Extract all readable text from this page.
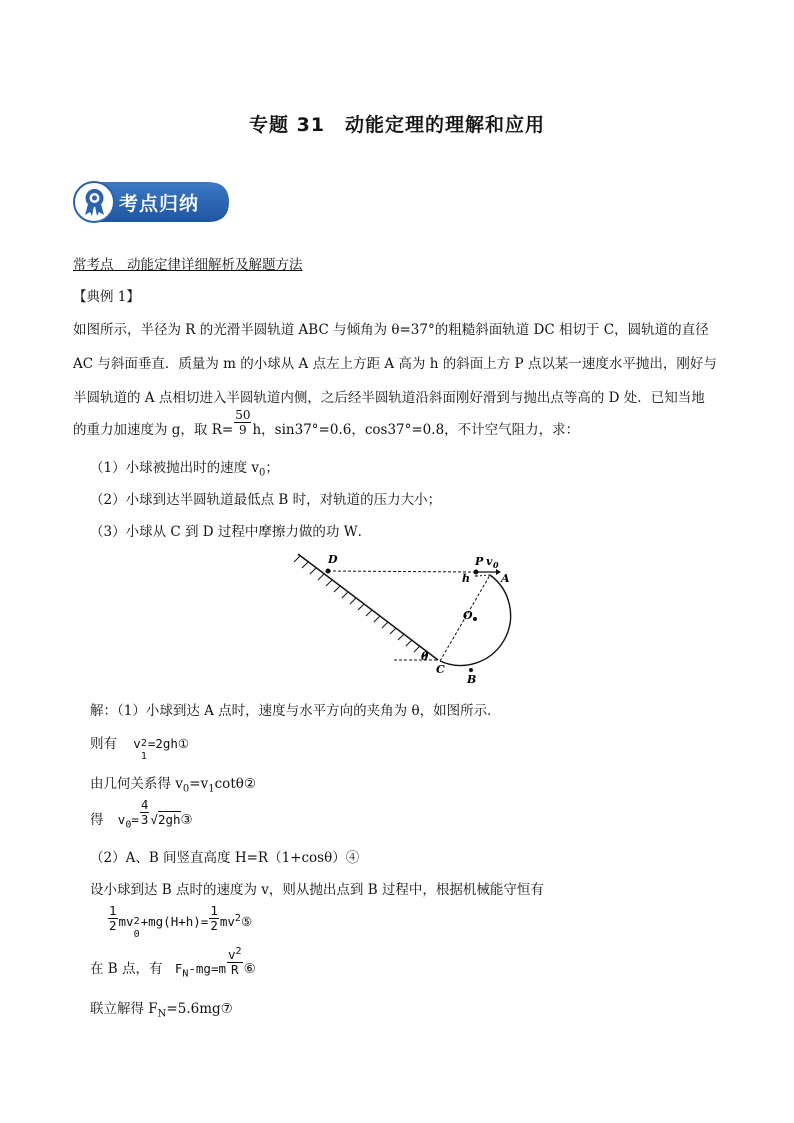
专题 31　动能定理的理解和应用
考点归纳
常考点　动能定律详细解析及解题方法
【典例 1】
如图所示，半径为 R 的光滑半圆轨道 ABC 与倾角为 θ=37°的粗糙斜面轨道 DC 相切于 C，圆轨道的直径
AC 与斜面垂直．质量为 m 的小球从 A 点左上方距 A 高为 h 的斜面上方 P 点以某一速度水平抛出，刚好与
半圆轨道的 A 点相切进入半圆轨道内侧，之后经半圆轨道沿斜面刚好滑到与抛出点等高的 D 处．已知当地
的重力加速度为 g，取 $R= \frac{50}{9}$ h，sin37°=0.6，cos37°=0.8，不计空气阻力，求：
（1）小球被抛出时的速度 $v_0$；
（2）小球到达半圆轨道最低点 B 时，对轨道的压力大小；
（3）小球从 C 到 D 过程中摩擦力做的功 W．
D	P v 0
A
h
O
θ
C
B
解：（1）小球到达 A 点时，速度与水平方向的夹角为 θ，如图所示．
则有 v 2
1
=2gh①
由几何关系得 $v_0=v_1\cot\theta ②$
得 $v_0= \frac{4}{3}$ √2gh③
（2）A、B 间竖直高度 H=R（1+cosθ）④
设小球到达 B 点时的速度为 v，则从抛出点到 B 过程中，根据机械能守恒有
$\frac{1}{2}$ mv 2
0
$+mg(H+h)= \frac{1}{2}$ $mv^2⑤$
在 B 点，有 $F_N-mg=m \frac{v^2}{R}$ ⑥
联立解得 $F_N=5.6mg⑦$
